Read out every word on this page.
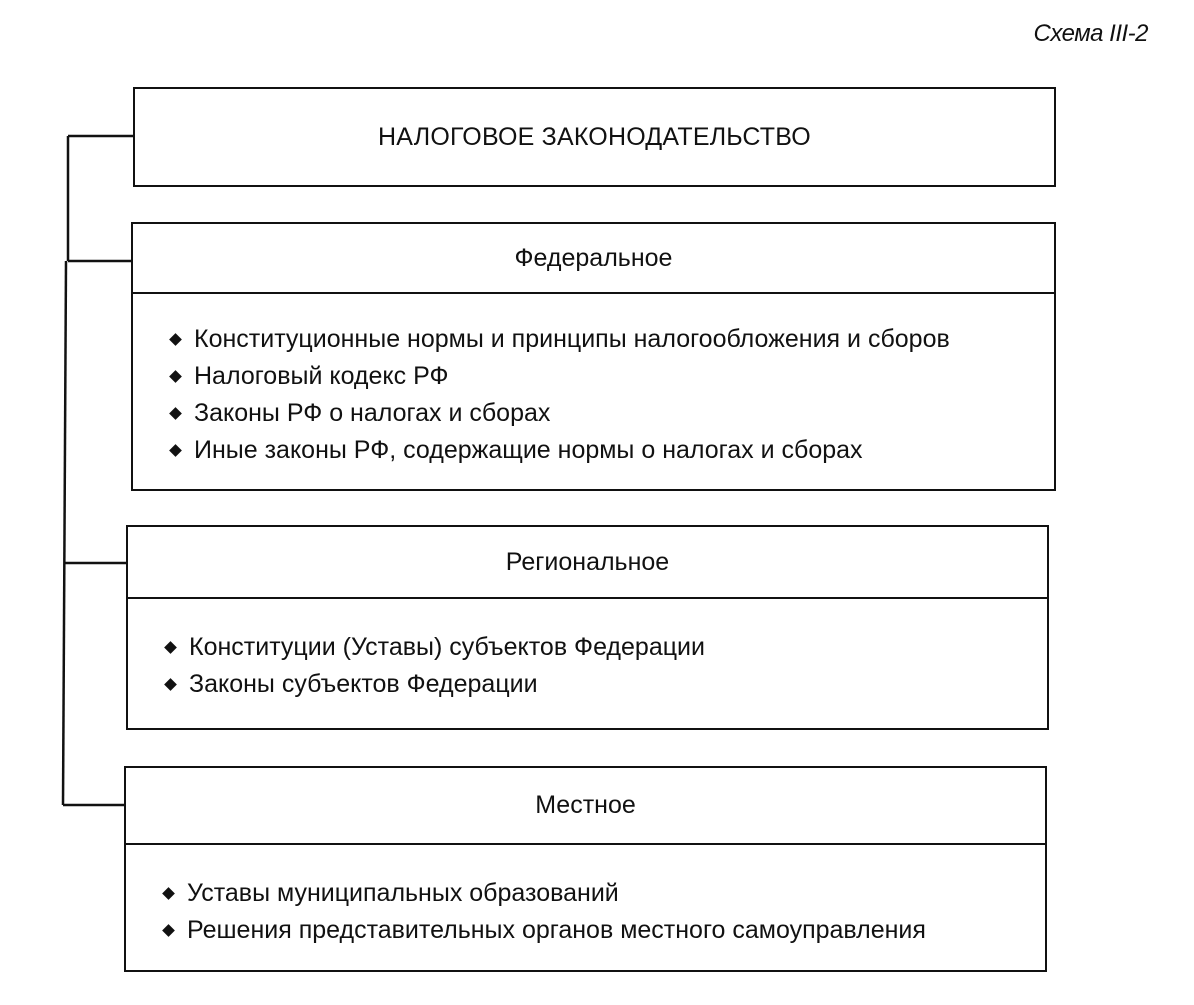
Схема III-2
НАЛОГОВОЕ ЗАКОНОДАТЕЛЬСТВО
Федеральное
Конституционные нормы и принципы налогообложения и сборов
Налоговый кодекс РФ
Законы РФ о налогах и сборах
Иные законы РФ, содержащие нормы о налогах и сборах
Региональное
Конституции (Уставы) субъектов Федерации
Законы субъектов Федерации
Местное
Уставы муниципальных образований
Решения представительных органов местного самоуправления
